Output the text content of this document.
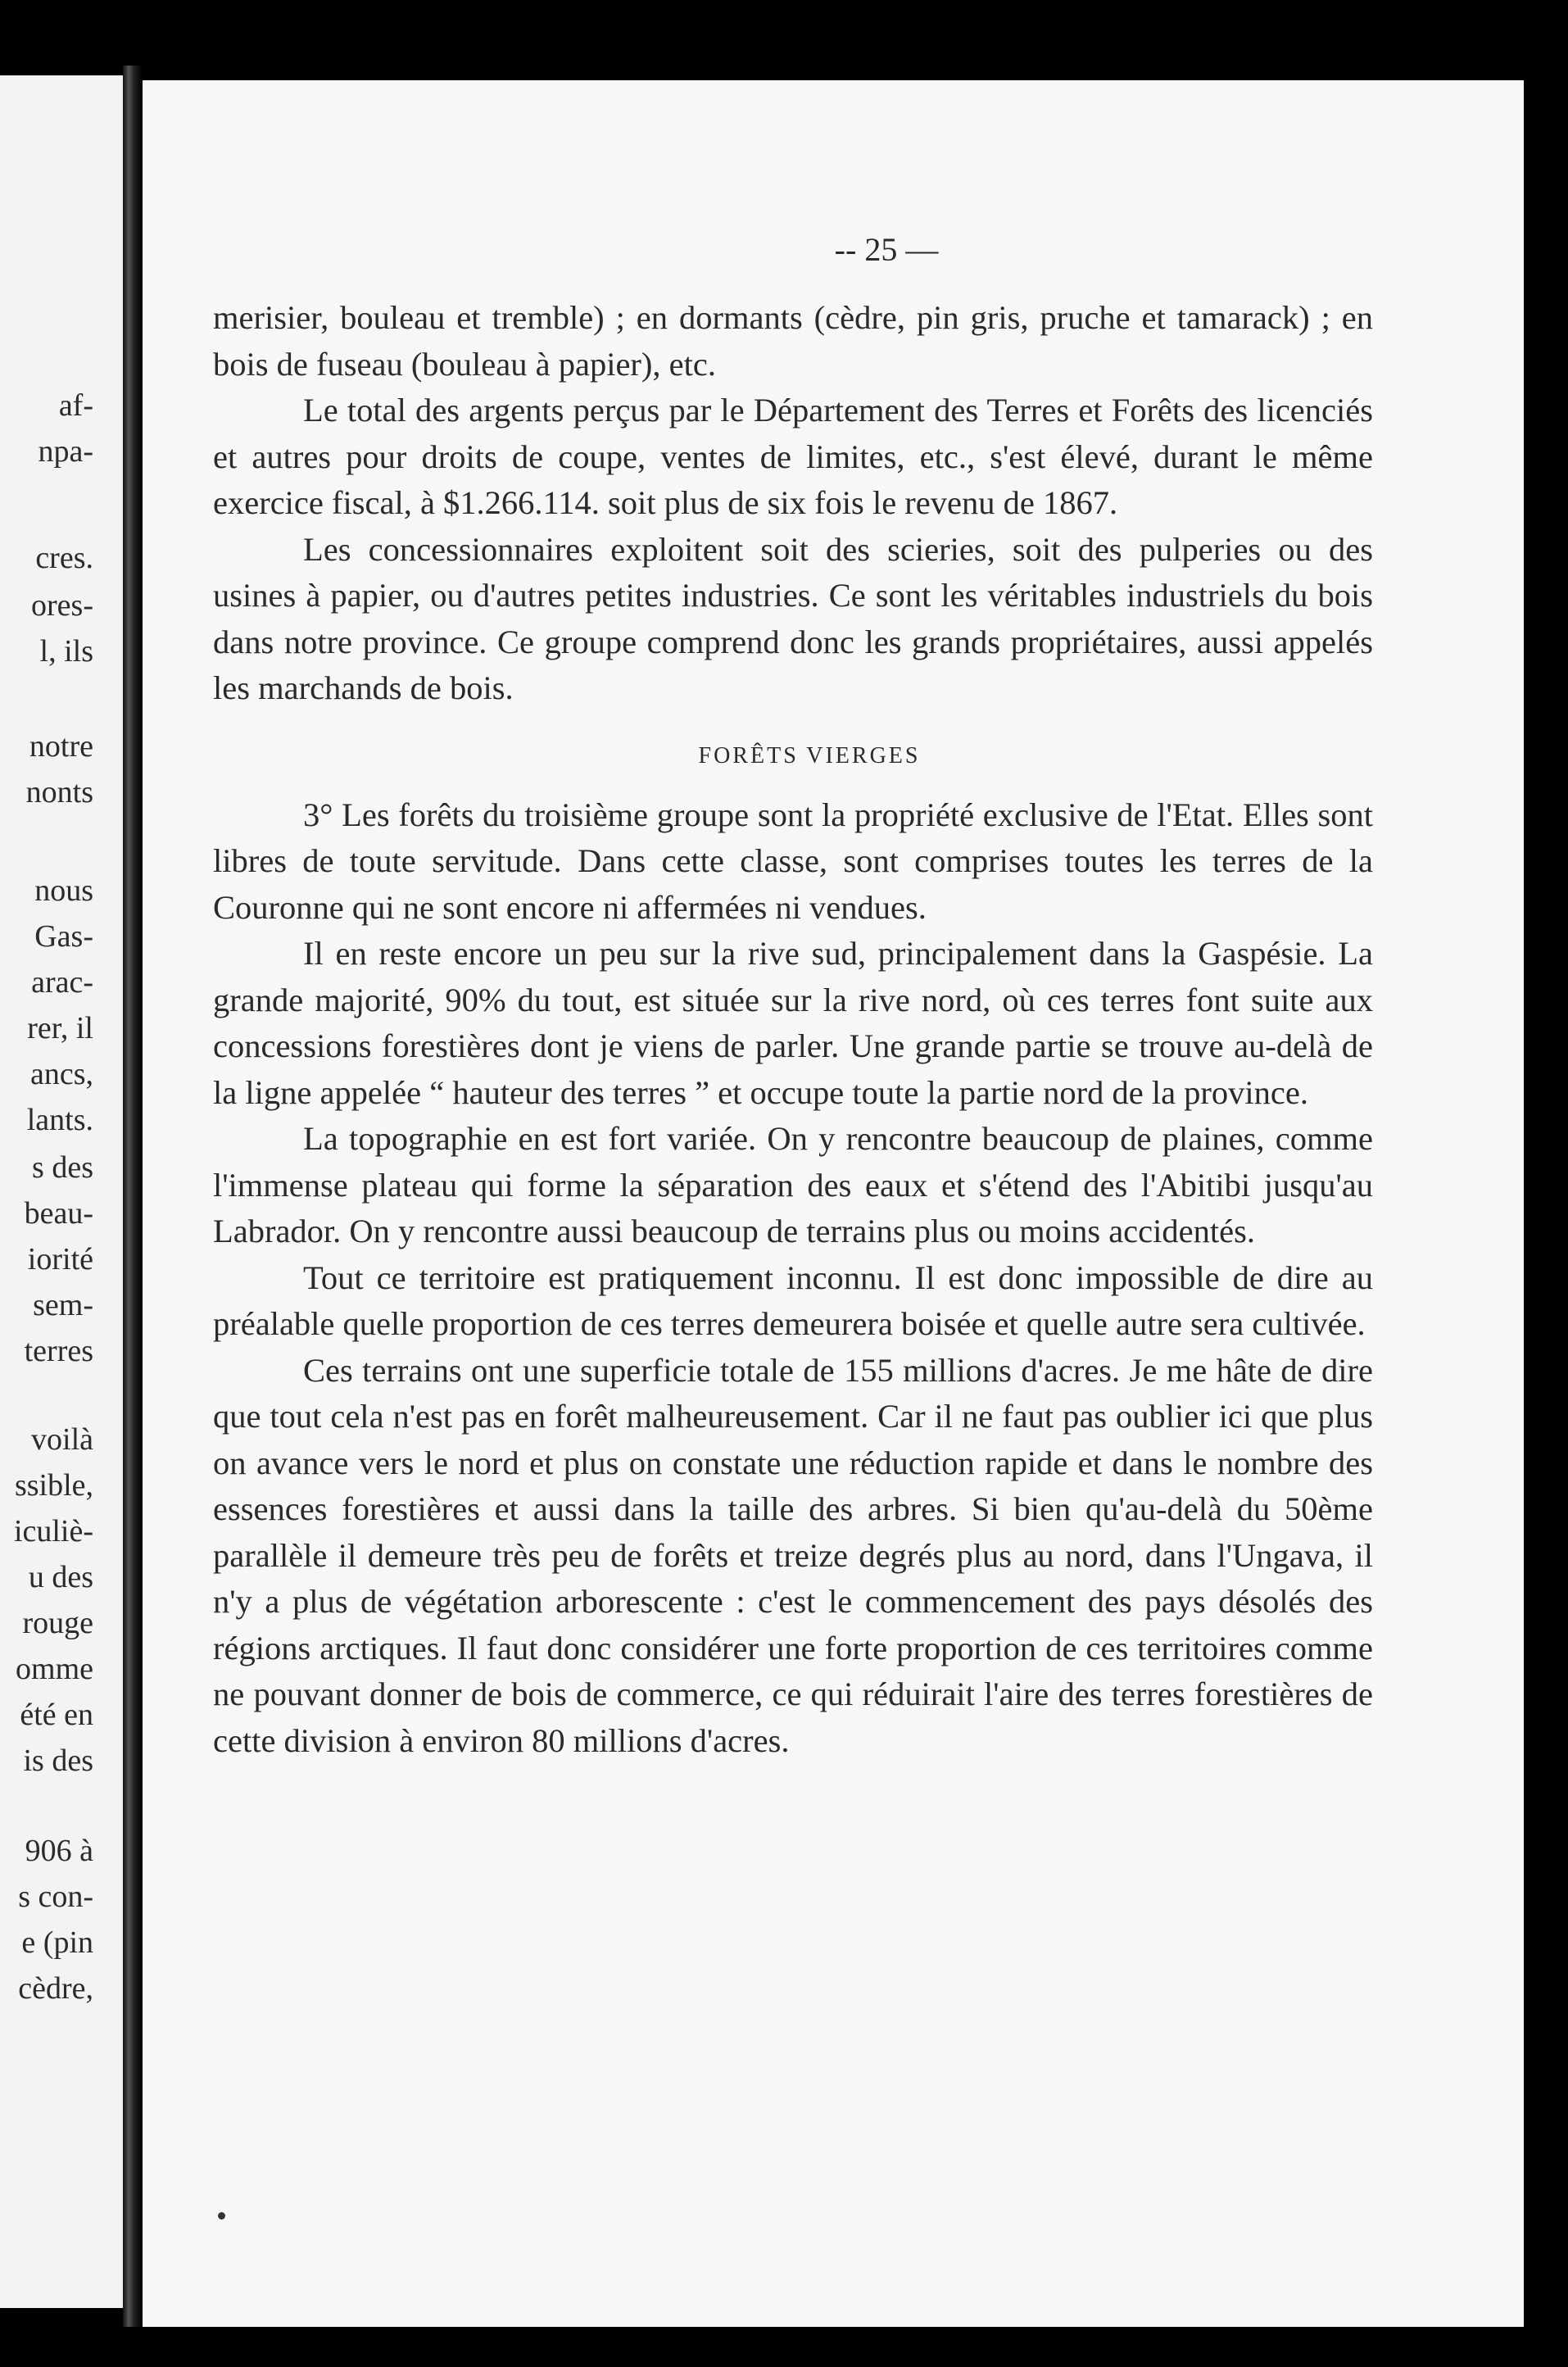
af-
npa-
cres.
ores-
l, ils
notre
nonts
nous
Gas-
arac-
rer, il
ancs,
lants.
s des
beau-
iorité
sem-
terres
voilà
ssible,
iculiè-
u des
rouge
omme
été en
is des
906 à
s con-
e (pin
cèdre,
-- 25 —

merisier, bouleau et tremble) ; en dormants (cèdre, pin gris, pruche et tamarack) ; en bois de fuseau (bouleau à papier), etc.

Le total des argents perçus par le Département des Terres et Forêts des licenciés et autres pour droits de coupe, ventes de limites, etc., s'est élevé, durant le même exercice fiscal, à $1.266.114. soit plus de six fois le revenu de 1867.

Les concessionnaires exploitent soit des scieries, soit des pulperies ou des usines à papier, ou d'autres petites industries. Ce sont les véritables industriels du bois dans notre province. Ce groupe comprend donc les grands propriétaires, aussi appelés les marchands de bois.

FORÊTS VIERGES

3° Les forêts du troisième groupe sont la propriété exclusive de l'Etat. Elles sont libres de toute servitude. Dans cette classe, sont comprises toutes les terres de la Couronne qui ne sont encore ni affermées ni vendues.

Il en reste encore un peu sur la rive sud, principalement dans la Gaspésie. La grande majorité, 90% du tout, est située sur la rive nord, où ces terres font suite aux concessions forestières dont je viens de parler. Une grande partie se trouve au-delà de la ligne appelée “ hauteur des terres ” et occupe toute la partie nord de la province.

La topographie en est fort variée. On y rencontre beaucoup de plaines, comme l'immense plateau qui forme la séparation des eaux et s'étend des l'Abitibi jusqu'au Labrador. On y rencontre aussi beaucoup de terrains plus ou moins accidentés.

Tout ce territoire est pratiquement inconnu. Il est donc impossible de dire au préalable quelle proportion de ces terres demeurera boisée et quelle autre sera cultivée.

Ces terrains ont une superficie totale de 155 millions d'acres. Je me hâte de dire que tout cela n'est pas en forêt malheureusement. Car il ne faut pas oublier ici que plus on avance vers le nord et plus on constate une réduction rapide et dans le nombre des essences forestières et aussi dans la taille des arbres. Si bien qu'au-delà du 50ème parallèle il demeure très peu de forêts et treize degrés plus au nord, dans l'Ungava, il n'y a plus de végétation arborescente : c'est le commencement des pays désolés des régions arctiques. Il faut donc considérer une forte proportion de ces territoires comme ne pouvant donner de bois de commerce, ce qui réduirait l'aire des terres forestières de cette division à environ 80 millions d'acres.
